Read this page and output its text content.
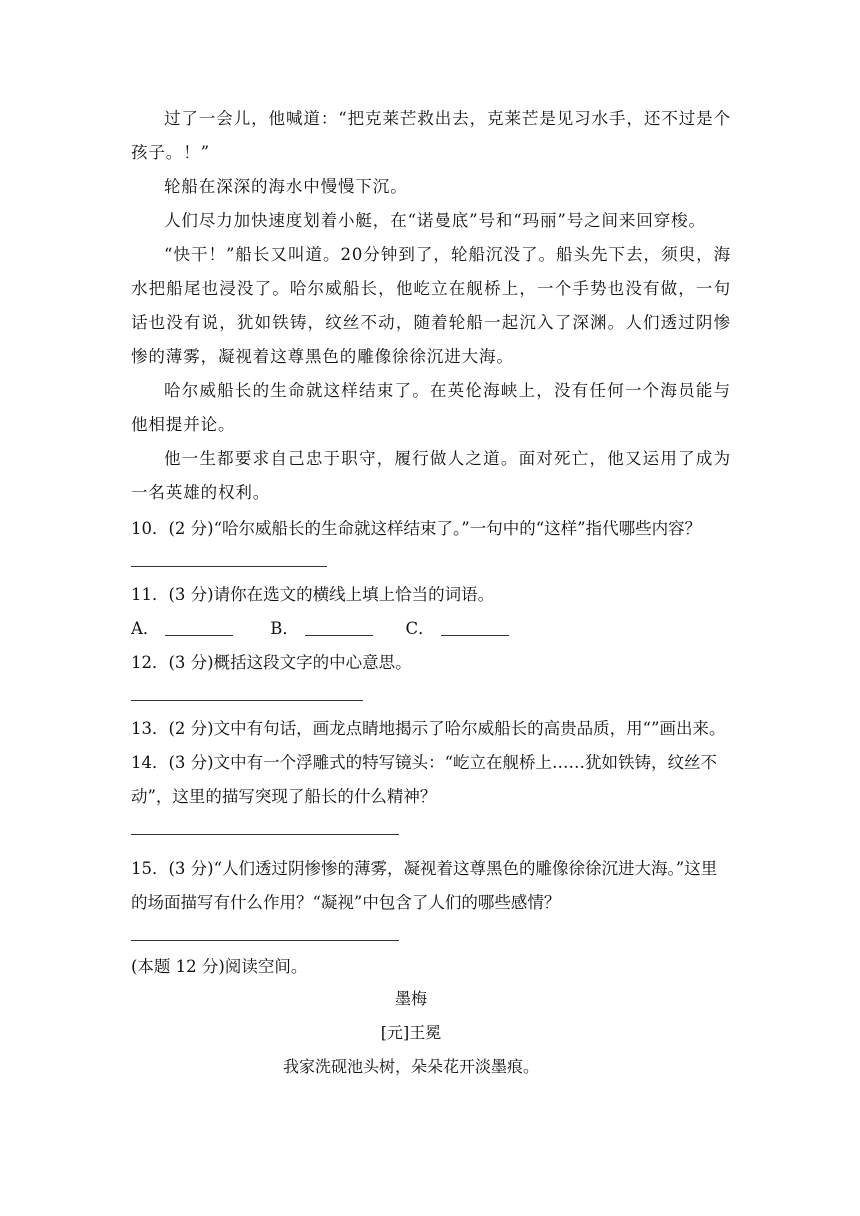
过了一会儿，他喊道：“把克莱芒救出去，克莱芒是见习水手，还不过是个孩子。！”

轮船在深深的海水中慢慢下沉。

人们尽力加快速度划着小艇，在“诺曼底”号和“玛丽”号之间来回穿梭。

“快干！”船长又叫道。20分钟到了，轮船沉没了。船头先下去，须臾，海水把船尾也浸没了。哈尔威船长，他屹立在舰桥上，一个手势也没有做，一句话也没有说，犹如铁铸，纹丝不动，随着轮船一起沉入了深渊。人们透过阴惨惨的薄雾，凝视着这尊黑色的雕像徐徐沉进大海。

哈尔威船长的生命就这样结束了。在英伦海峡上，没有任何一个海员能与他相提并论。

他一生都要求自己忠于职守，履行做人之道。面对死亡，他又运用了成为一名英雄的权利。

10．(2 分)“哈尔威船长的生命就这样结束了。”一句中的“这样”指代哪些内容？

11．(3 分)请你在选文的横线上填上恰当的词语。

A．	B．	C．

12．(3 分)概括这段文字的中心意思。

13．(2 分)文中有句话，画龙点睛地揭示了哈尔威船长的高贵品质，用“”画出来。

14．(3 分)文中有一个浮雕式的特写镜头：“屹立在舰桥上……犹如铁铸，纹丝不动”，这里的描写突现了船长的什么精神？

15．(3 分)“人们透过阴惨惨的薄雾，凝视着这尊黑色的雕像徐徐沉进大海。”这里的场面描写有什么作用？“凝视”中包含了人们的哪些感情？

(本题 12 分)阅读空间。

墨梅

[元]王冕

我家洗砚池头树，朵朵花开淡墨痕。
